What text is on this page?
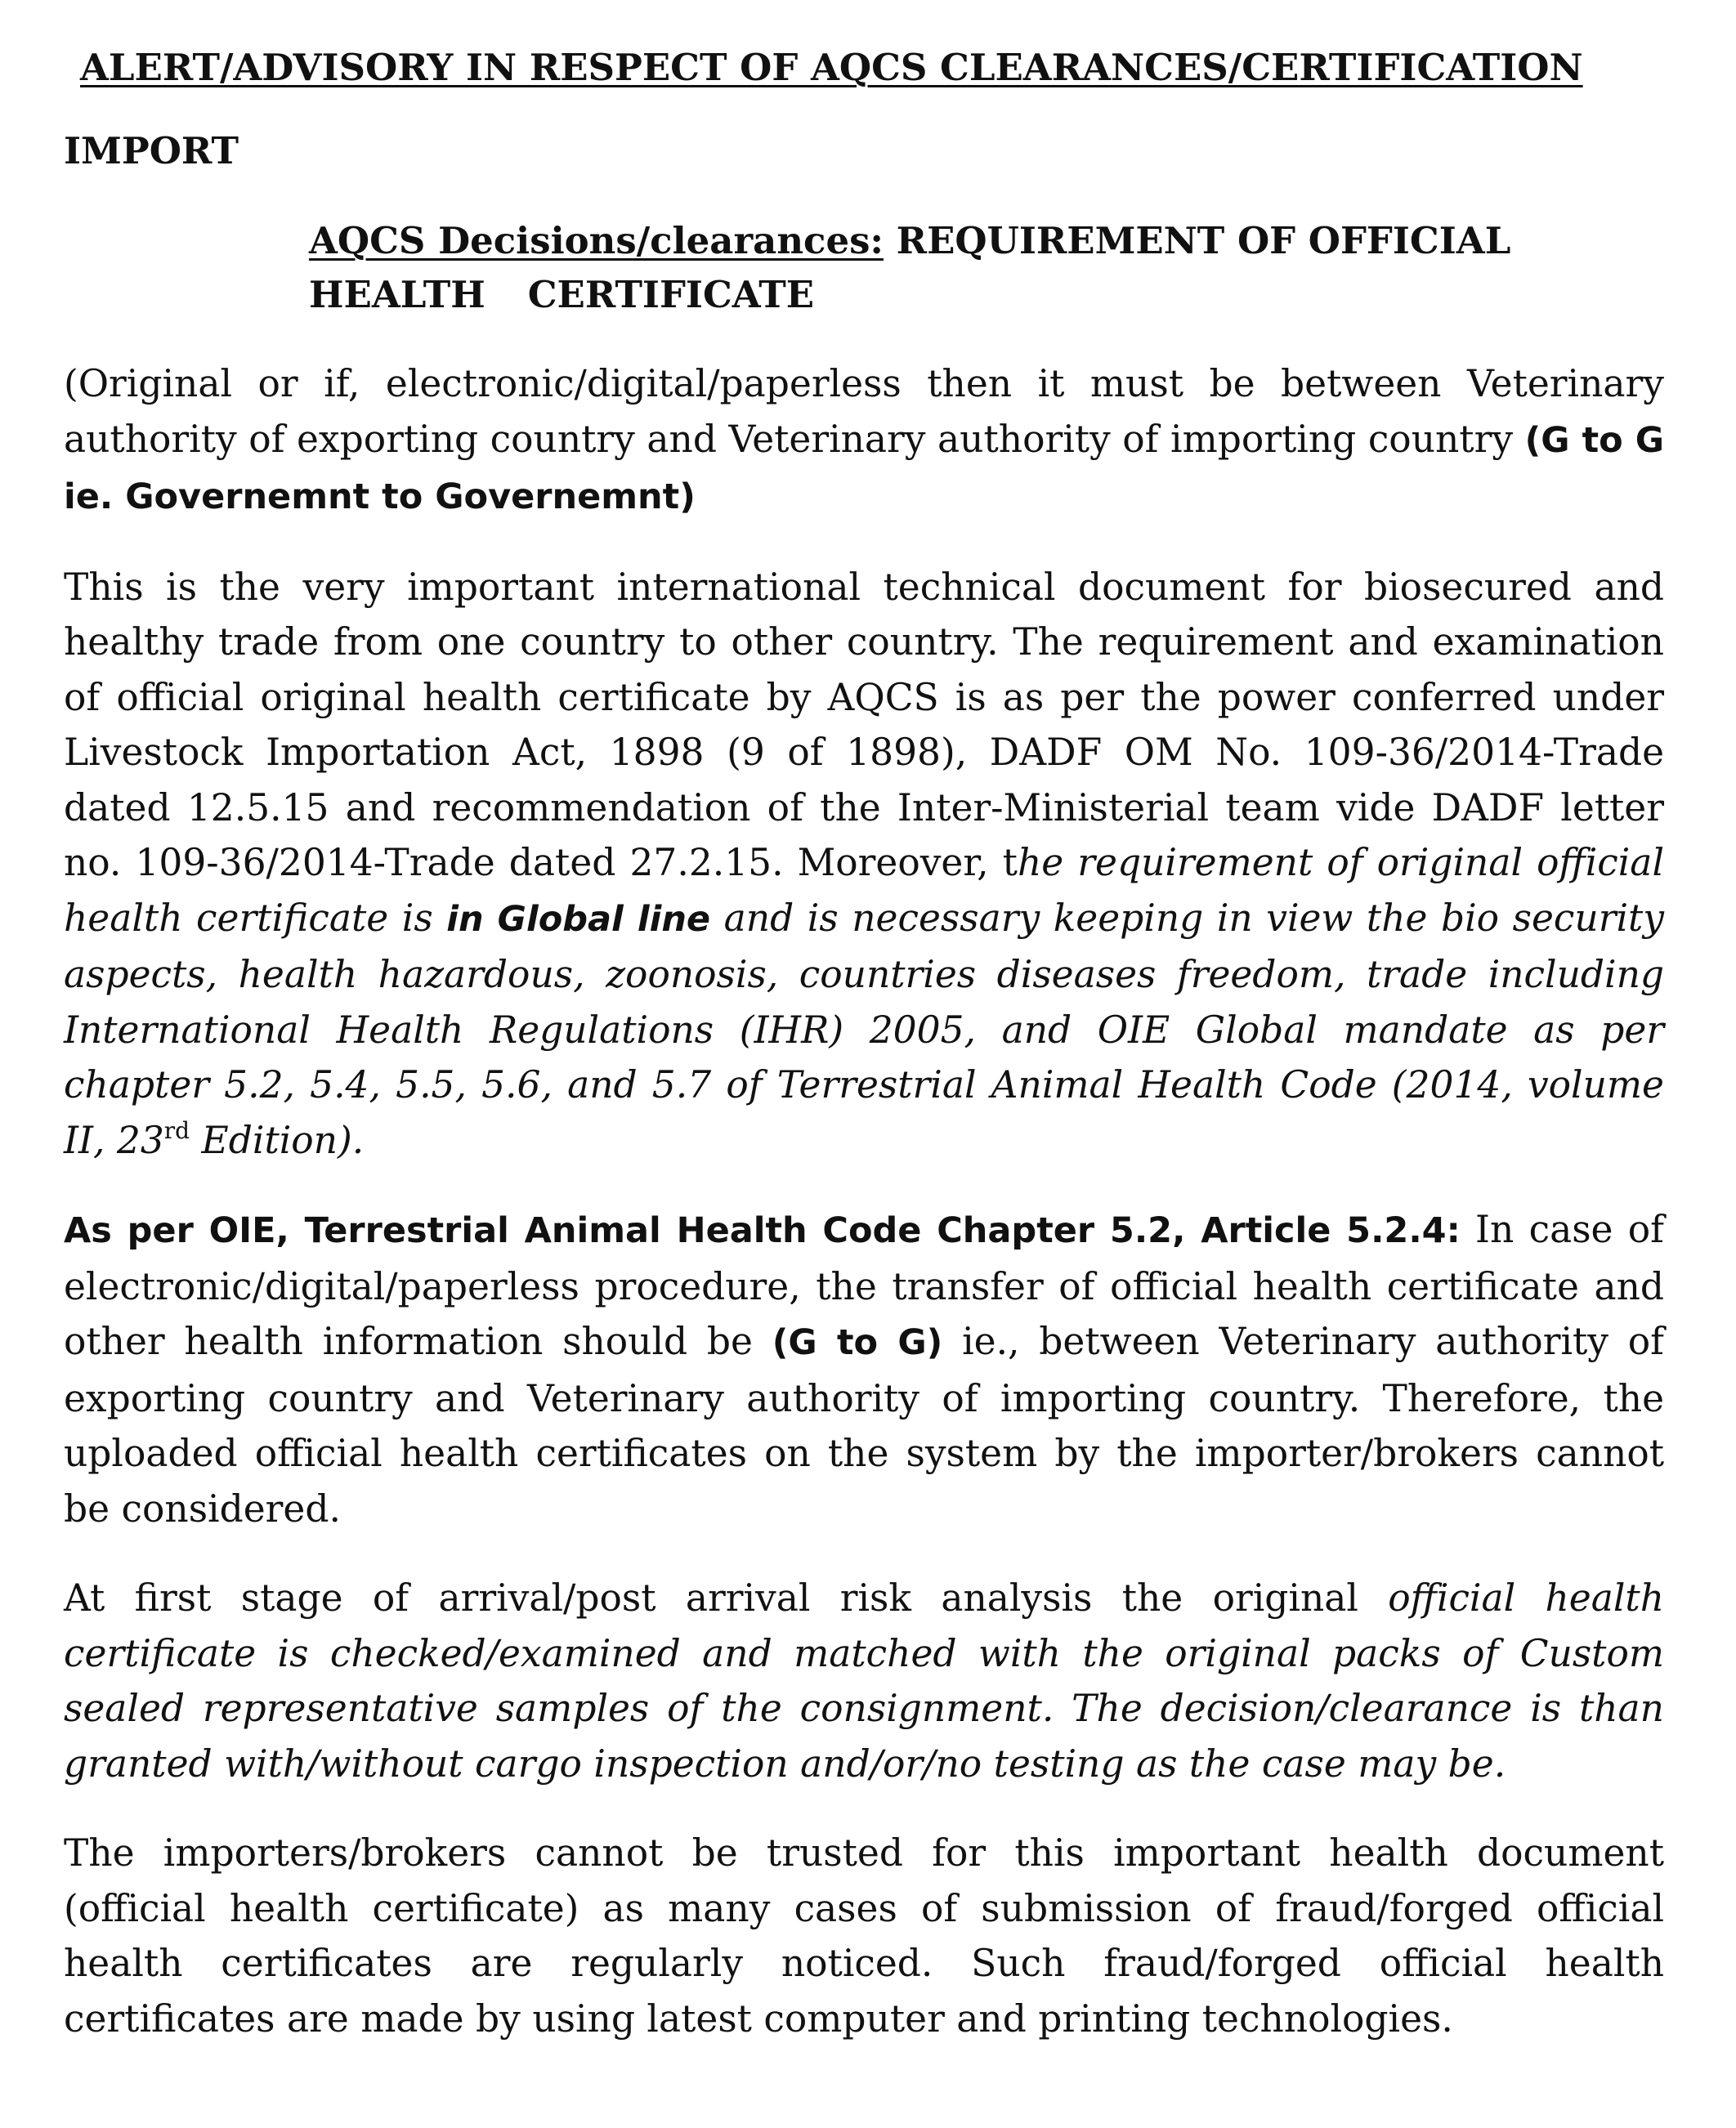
ALERT/ADVISORY IN RESPECT OF AQCS CLEARANCES/CERTIFICATION
IMPORT
AQCS Decisions/clearances: REQUIREMENT OF OFFICIAL
HEALTH CERTIFICATE

(Original or if, electronic/digital/paperless then it must be between Veterinary authority of exporting country and Veterinary authority of importing country (G to G ie. Governemnt to Governemnt)

This is the very important international technical document for biosecured and healthy trade from one country to other country. The requirement and examination of official original health certificate by AQCS is as per the power conferred under Livestock Importation Act, 1898 (9 of 1898), DADF OM No. 109-36/2014-Trade dated 12.5.15 and recommendation of the Inter-Ministerial team vide DADF letter no. 109-36/2014-Trade dated 27.2.15. Moreover, the requirement of original official health certificate is in Global line and is necessary keeping in view the bio security aspects, health hazardous, zoonosis, countries diseases freedom, trade including International Health Regulations (IHR) 2005, and OIE Global mandate as per chapter 5.2, 5.4, 5.5, 5.6, and 5.7 of Terrestrial Animal Health Code (2014, volume II, 23rd Edition).

As per OIE, Terrestrial Animal Health Code Chapter 5.2, Article 5.2.4: In case of electronic/digital/paperless procedure, the transfer of official health certificate and other health information should be (G to G) ie., between Veterinary authority of exporting country and Veterinary authority of importing country. Therefore, the uploaded official health certificates on the system by the importer/brokers cannot be considered.

At first stage of arrival/post arrival risk analysis the original official health certificate is checked/examined and matched with the original packs of Custom sealed representative samples of the consignment. The decision/clearance is than granted with/without cargo inspection and/or/no testing as the case may be.

The importers/brokers cannot be trusted for this important health document (official health certificate) as many cases of submission of fraud/forged official health certificates are regularly noticed. Such fraud/forged official health certificates are made by using latest computer and printing technologies.
